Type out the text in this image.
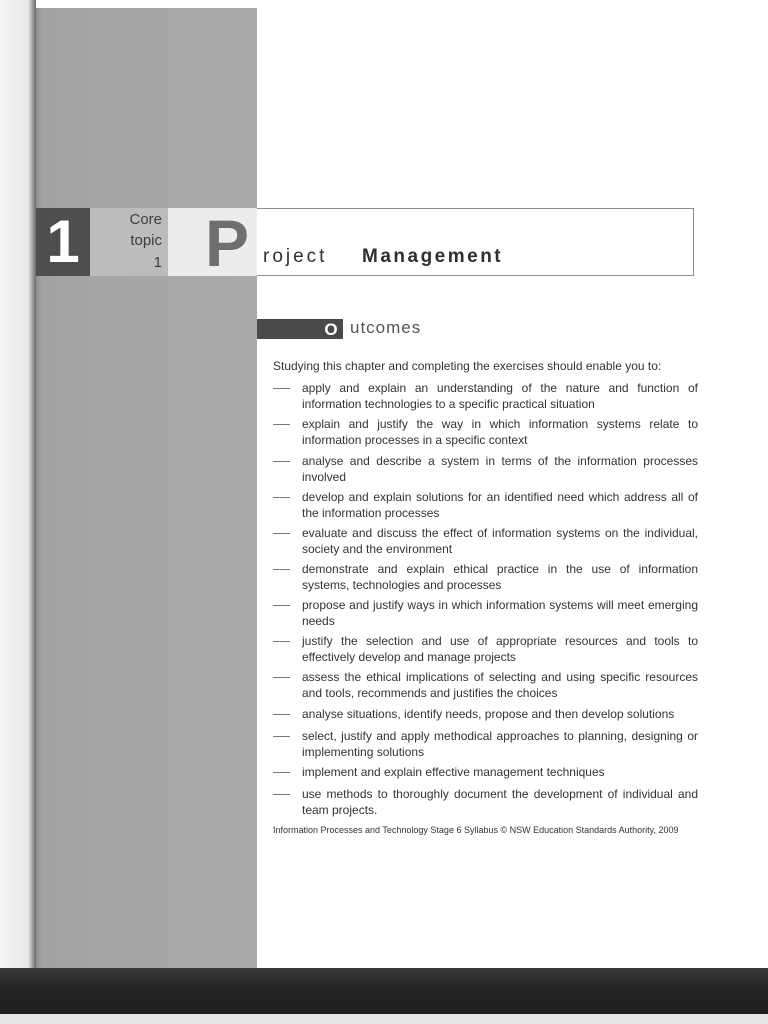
1	Core
topic
1 P roject Management
O utcomes
Studying this chapter and completing the exercises should enable you to:
apply and explain an understanding of the nature and function of information technologies to a specific practical situation
explain and justify the way in which information systems relate to information processes in a specific context
analyse and describe a system in terms of the information processes involved
develop and explain solutions for an identified need which address all of the information processes
evaluate and discuss the effect of information systems on the individual, society and the environment
demonstrate and explain ethical practice in the use of information systems, technologies and processes
propose and justify ways in which information systems will meet emerging needs
justify the selection and use of appropriate resources and tools to effectively develop and manage projects
assess the ethical implications of selecting and using specific resources and tools, recommends and justifies the choices
analyse situations, identify needs, propose and then develop solutions
select, justify and apply methodical approaches to planning, designing or implementing solutions
implement and explain effective management techniques
use methods to thoroughly document the development of individual and team projects.
Information Processes and Technology Stage 6 Syllabus © NSW Education Standards Authority, 2009
